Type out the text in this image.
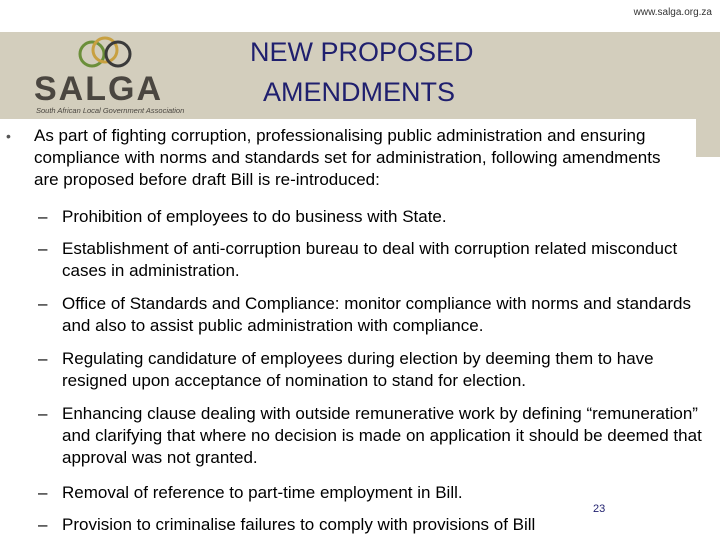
www.salga.org.za
SALGA
South African Local Government Association
NEW PROPOSED
AMENDMENTS
• As part of fighting corruption, professionalising public administration and ensuring compliance with norms and standards set for administration, following amendments are proposed before draft Bill is re-introduced:
– Prohibition of employees to do business with State.
– Establishment of anti-corruption bureau to deal with corruption related misconduct cases in administration.
– Office of Standards and Compliance: monitor compliance with norms and standards and also to assist public administration with compliance.
– Regulating candidature of employees during election by deeming them to have resigned upon acceptance of nomination to stand for election.
– Enhancing clause dealing with outside remunerative work by defining “remuneration” and clarifying that where no decision is made on application it should be deemed that approval was not granted.
– Removal of reference to part-time employment in Bill.
– Provision to criminalise failures to comply with provisions of Bill
23
